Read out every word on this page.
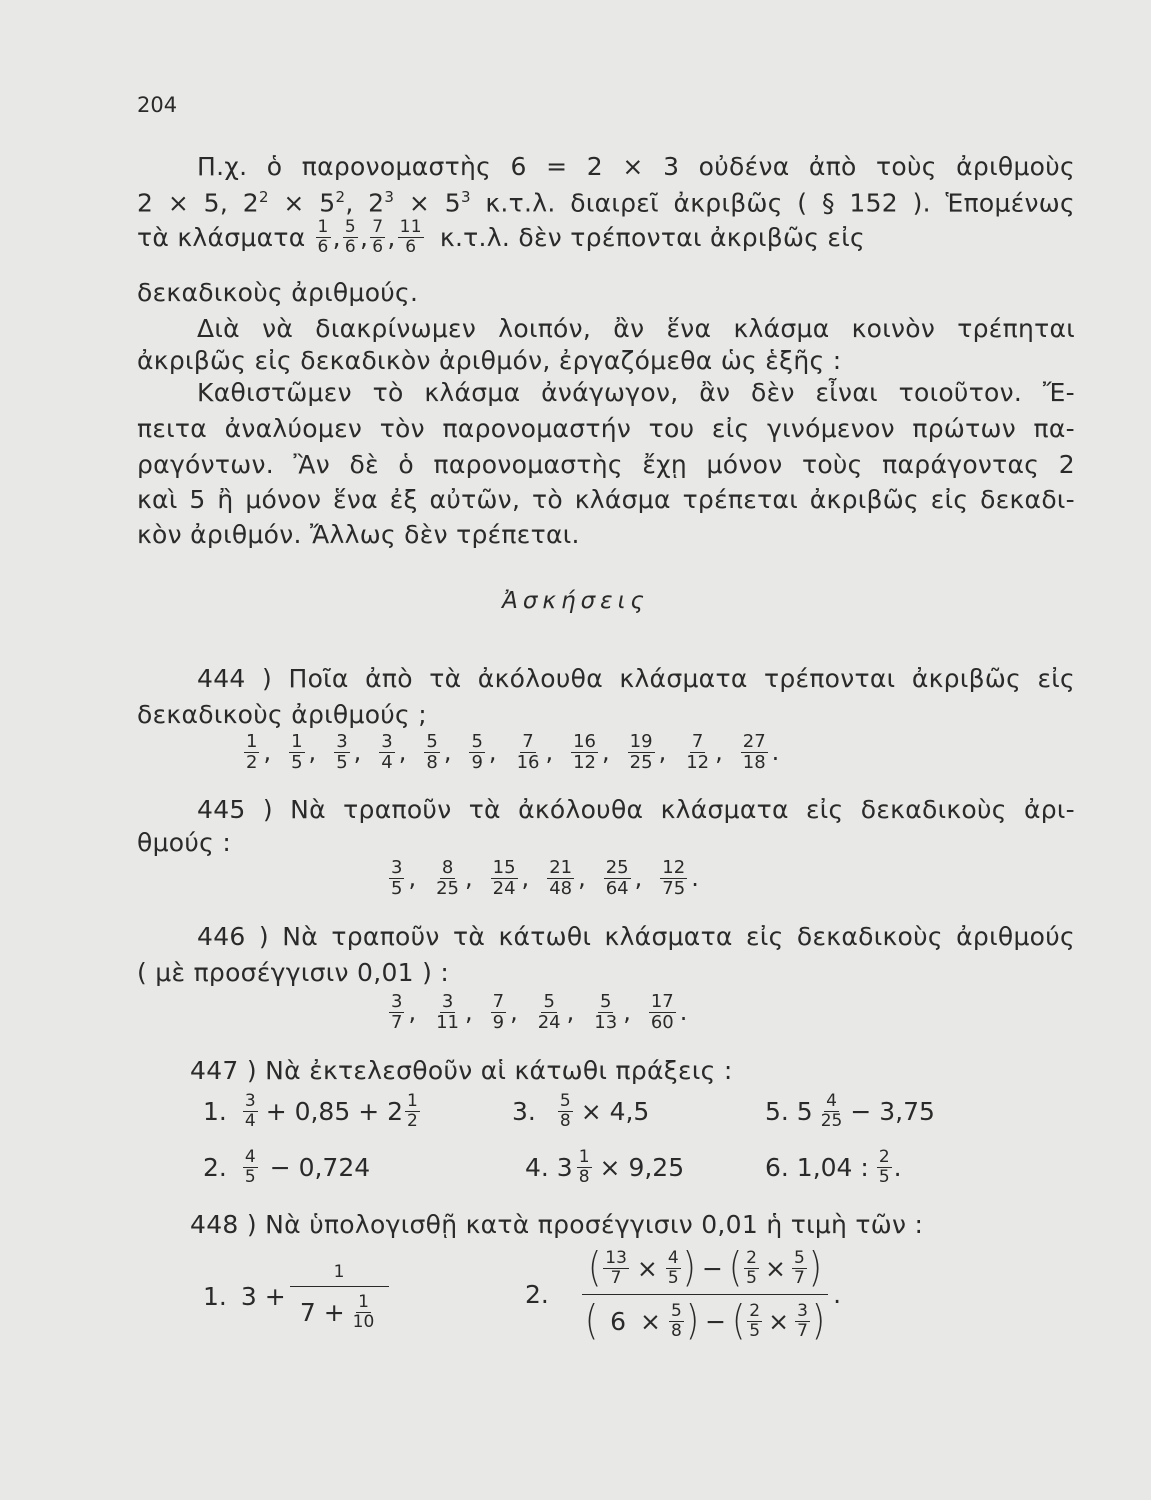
204
Π.χ. ὁ παρονομαστὴς 6 = 2 × 3 οὐδένα ἀπὸ τοὺς ἀριθμοὺς
2 × 5, $2^2 \times 5^2$, $2^3 \times 5^3$ κ.τ.λ. διαιρεῖ ἀκριβῶς ( § 152 ). Ἑπομένως
τὰ κλάσματα $\frac{1}{6}$ , $\frac{5}{6}$ , $\frac{7}{6}$ , $\frac{11}{6} \kappa.\tau.\lambda$. δὲν τρέπονται ἀκριβῶς εἰς
δεκαδικοὺς ἀριθμούς.
Διὰ νὰ διακρίνωμεν λοιπόν, ἂν ἕνα κλάσμα κοινὸν τρέπηται
ἀκριβῶς εἰς δεκαδικὸν ἀριθμόν, ἐργαζόμεθα ὡς ἑξῆς :
Καθιστῶμεν τὸ κλάσμα ἀνάγωγον, ἂν δὲν εἶναι τοιοῦτον. Ἔ-
πειτα ἀναλύομεν τὸν παρονομαστήν του εἰς γινόμενον πρώτων πα-
ραγόντων. Ἂν δὲ ὁ παρονομαστὴς ἔχῃ μόνον τοὺς παράγοντας 2
καὶ 5 ἢ μόνον ἕνα ἐξ αὐτῶν, τὸ κλάσμα τρέπεται ἀκριβῶς εἰς δεκαδι-
κὸν ἀριθμόν. Ἄλλως δὲν τρέπεται.
Ἀσκήσεις
444 ) Ποῖα ἀπὸ τὰ ἀκόλουθα κλάσματα τρέπονται ἀκριβῶς εἰς
δεκαδικοὺς ἀριθμούς ;
$\frac{1}{2}$ , $\frac{1}{5}$ , $\frac{3}{5}$ , $\frac{3}{4}$ , $\frac{5}{8}$ , $\frac{5}{9}$ , $\frac{7}{16}$ , $\frac{16}{12}$ , $\frac{19}{25}$ , $\frac{7}{12}$ , $\frac{27}{18}$ .
445 ) Νὰ τραποῦν τὰ ἀκόλουθα κλάσματα εἰς δεκαδικοὺς ἀρι-
θμούς :
$\frac{3}{5}$ , $\frac{8}{25}$ , $\frac{15}{24}$ , $\frac{21}{48}$ , $\frac{25}{64}$ , $\frac{12}{75}$ .
446 ) Νὰ τραποῦν τὰ κάτωθι κλάσματα εἰς δεκαδικοὺς ἀριθμούς
( μὲ προσέγγισιν 0,01 ) :
$\frac{3}{7}$ , $\frac{3}{11}$ , $\frac{7}{9}$ , $\frac{5}{24}$ , $\frac{5}{13}$ , $\frac{17}{60}$ .
447 ) Νὰ ἐκτελεσθοῦν αἱ κάτωθι πράξεις :
1. $\frac{3}{4} + 0,85 + 2 \frac{1}{2}$	3. $\frac{5}{8} \times 4,5$	5. $5 \frac{4}{25} - 3,75$
2. $\frac{4}{5} - 0,724$	4. $3 \frac{1}{8} \times 9,25$	6. 1,04 : $\frac{2}{5}$ .
448 ) Νὰ ὑπολογισθῇ κατὰ προσέγγισιν 0,01 ἡ τιμὴ τῶν :
1. 3 +
1
$7 + \frac{1}{10}$	2.
( $\frac{13}{7} \times \frac{4}{5}$ ) − ( $\frac{2}{5} \times \frac{5}{7}$ )
( $6 \times \frac{5}{8}$ ) − ( $\frac{2}{5} \times \frac{3}{7}$ )
.
